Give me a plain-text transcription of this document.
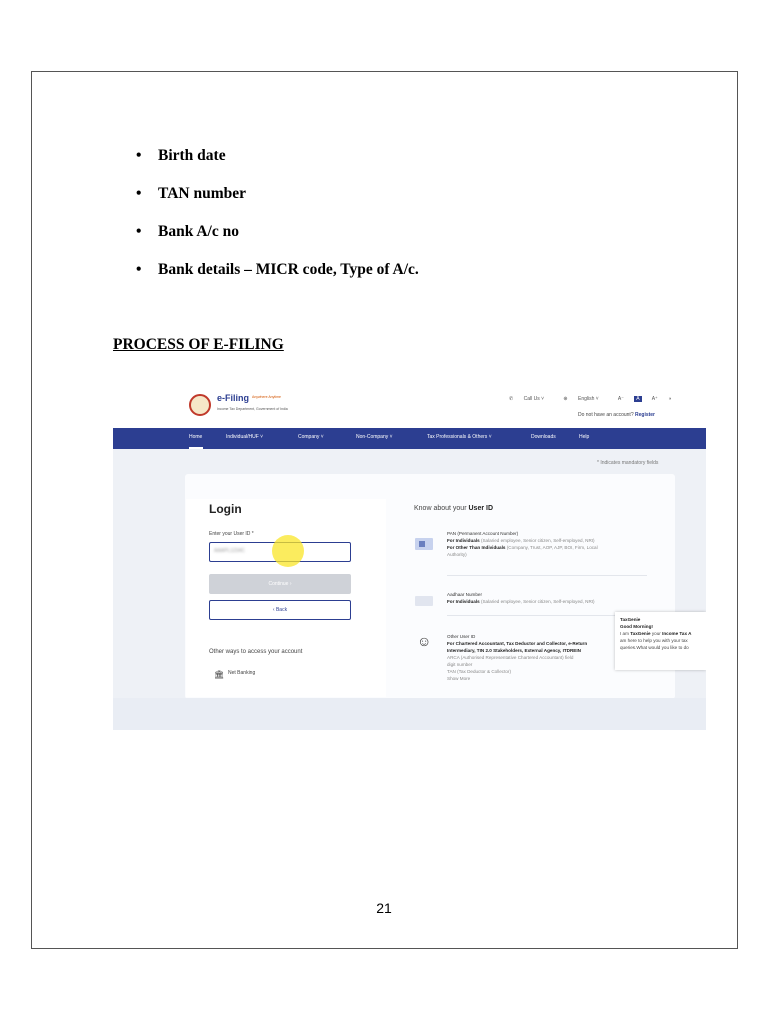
• Birth date
• TAN number
• Bank A/c no
• Bank details – MICR code, Type of A/c.
PROCESS OF E-FILING
e-Filing Anywhere Anytime
Income Tax Department, Government of India
✆ Call Us ˅	⊕ English ˅	A⁻ A A⁺ ◑
Do not have an account? Register
Home	Individual/HUF ˅	Company ˅	Non-Company ˅	Tax Professionals & Others ˅	Downloads	Help
* Indicates mandatory fields
Login
Enter your User ID *
AAAPL1234C
Continue ›
‹ Back
Other ways to access your account
🏛 Net Banking
Know about your User ID
PAN (Permanent Account Number)
For Individuals (Salaried employee, Senior citizen, Self-employed, NRI)
For Other Than Individuals (Company, Trust, AOP, AJP, BOI, Firm, Local
Authority)
Aadhaar Number
For Individuals (Salaried employee, Senior citizen, Self-employed, NRI)
☺	Other User ID
For Chartered Accountant, Tax Deductor and Collector, e-Return
Intermediary, TIN 2.0 Stakeholders, External Agency, ITDREIN
ARCA (Authorised Representative Chartered Accountant) field
digit number
TAN (Tax Deductor & Collector)
Show More
TaxGenie
Good Morning!
I am TaxGenie your Income Tax A
am here to help you with your tax
queries.What would you like to do
21
